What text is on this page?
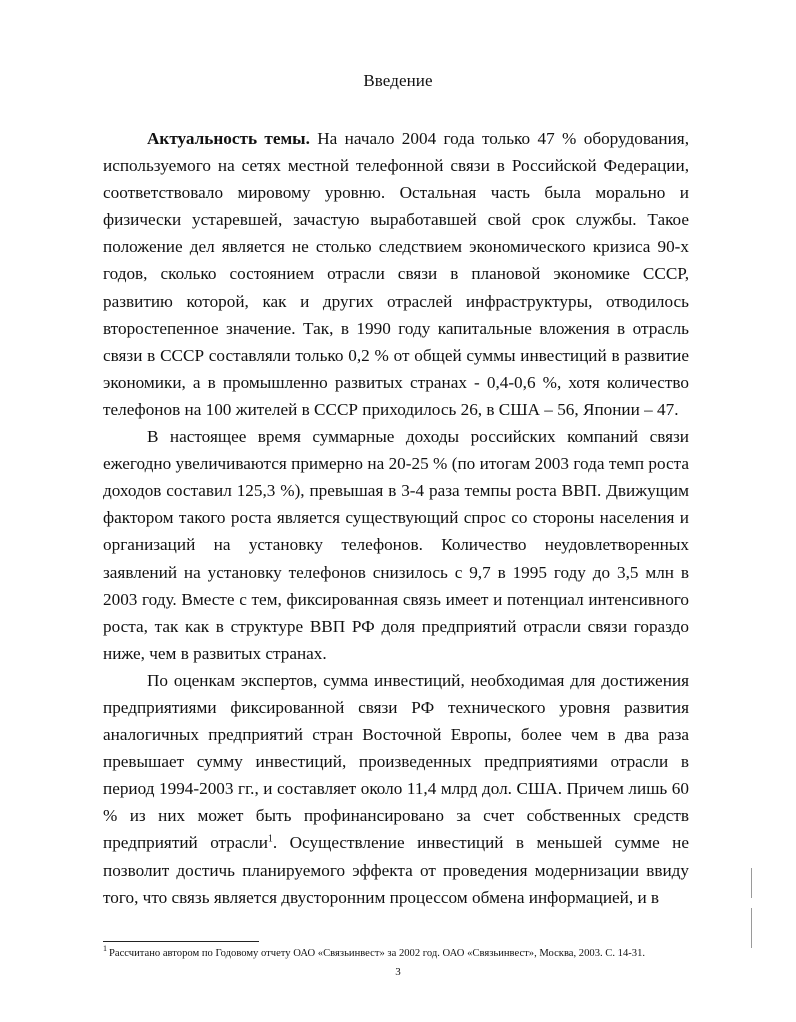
Введение

Актуальность темы. На начало 2004 года только 47 % оборудования, используемого на сетях местной телефонной связи в Российской Федерации, соответствовало мировому уровню. Остальная часть была морально и физически устаревшей, зачастую выработавшей свой срок службы. Такое положение дел является не столько следствием экономического кризиса 90-х годов, сколько состоянием отрасли связи в плановой экономике СССР, развитию которой, как и других отраслей инфраструктуры, отводилось второстепенное значение. Так, в 1990 году капитальные вложения в отрасль связи в СССР составляли только 0,2 % от общей суммы инвестиций в развитие экономики, а в промышленно развитых странах - 0,4-0,6 %, хотя количество телефонов на 100 жителей в СССР приходилось 26, в США – 56, Японии – 47.

В настоящее время суммарные доходы российских компаний связи ежегодно увеличиваются примерно на 20-25 % (по итогам 2003 года темп роста доходов составил 125,3 %), превышая в 3-4 раза темпы роста ВВП. Движущим фактором такого роста является существующий спрос со стороны населения и организаций на установку телефонов. Количество неудовлетворенных заявлений на установку телефонов снизилось с 9,7 в 1995 году до 3,5 млн в 2003 году. Вместе с тем, фиксированная связь имеет и потенциал интенсивного роста, так как в структуре ВВП РФ доля предприятий отрасли связи гораздо ниже, чем в развитых странах.

По оценкам экспертов, сумма инвестиций, необходимая для достижения предприятиями фиксированной связи РФ технического уровня развития аналогичных предприятий стран Восточной Европы, более чем в два раза превышает сумму инвестиций, произведенных предприятиями отрасли в период 1994-2003 гг., и составляет около 11,4 млрд дол. США. Причем лишь 60 % из них может быть профинансировано за счет собственных средств предприятий отрасли$^1$. Осуществление инвестиций в меньшей сумме не позволит достичь планируемого эффекта от проведения модернизации ввиду того, что связь является двусторонним процессом обмена информацией, и в

$^1$ Рассчитано автором по Годовому отчету ОАО «Связьинвест» за 2002 год. ОАО «Связьинвест», Москва, 2003. С. 14-31.
3
